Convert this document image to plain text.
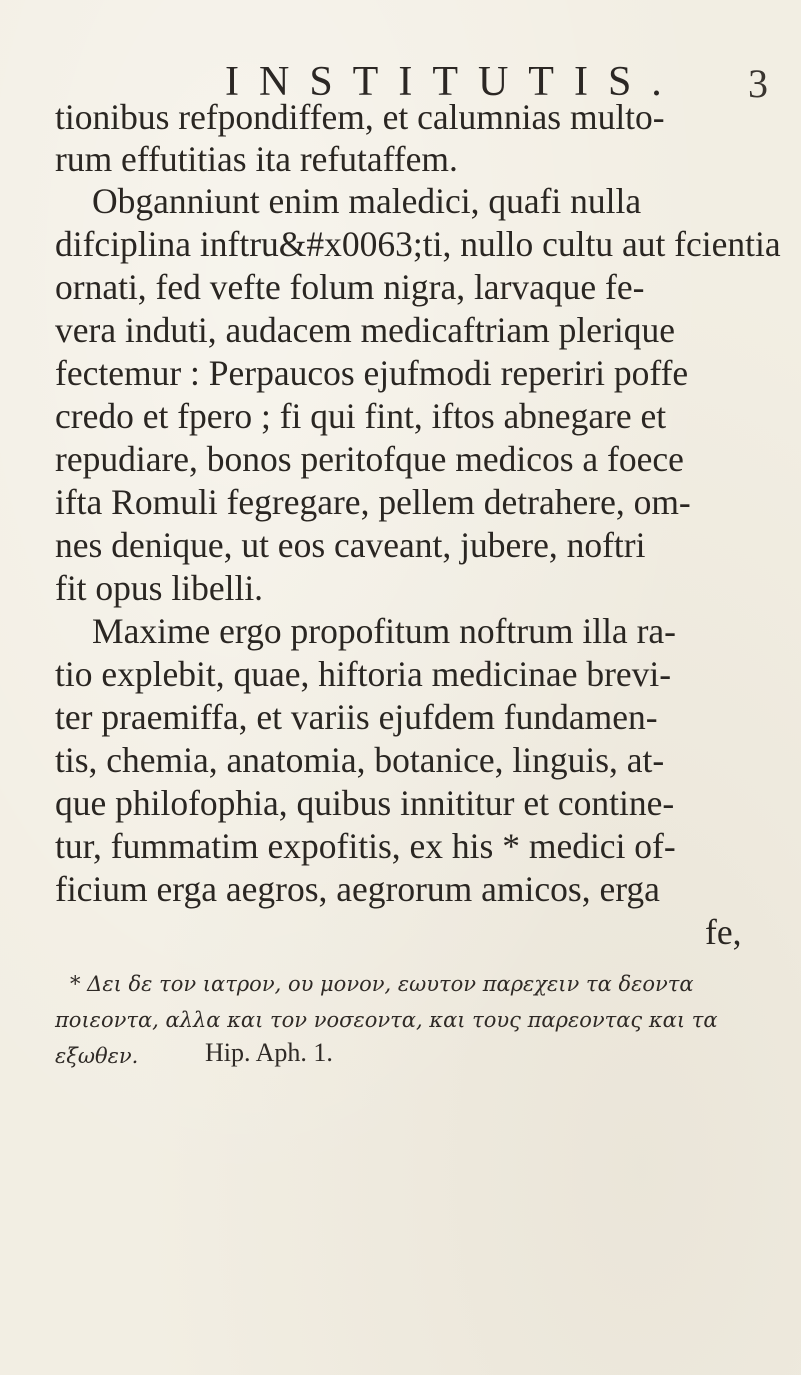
INSTITUTIS. 3
tionibus refpondiffem, et calumnias multo-
rum effutitias ita refutaffem.
Obganniunt enim maledici, quafi nulla
difciplina inftru&#x0063;ti, nullo cultu aut fcientia
ornati, fed vefte folum nigra, larvaque fe-
vera induti, audacem medicaftriam plerique
fectemur : Perpaucos ejufmodi reperiri poffe
credo et fpero ; fi qui fint, iftos abnegare et
repudiare, bonos peritofque medicos a foece
ifta Romuli fegregare, pellem detrahere, om-
nes denique, ut eos caveant, jubere, noftri
fit opus libelli.
Maxime ergo propofitum noftrum illa ra-
tio explebit, quae, hiftoria medicinae brevi-
ter praemiffa, et variis ejufdem fundamen-
tis, chemia, anatomia, botanice, linguis, at-
que philofophia, quibus innititur et contine-
tur, fummatim expofitis, ex his * medici of-
ficium erga aegros, aegrorum amicos, erga
fe,
* Δει δε τον ιατρον, ου μονον, εωυτον παρεχειν τα δεοντα
ποιεοντα, αλλα και τον νοσεοντα, και τους παρεοντας και τα
εξωθεν.	Hip. Aph. 1.
